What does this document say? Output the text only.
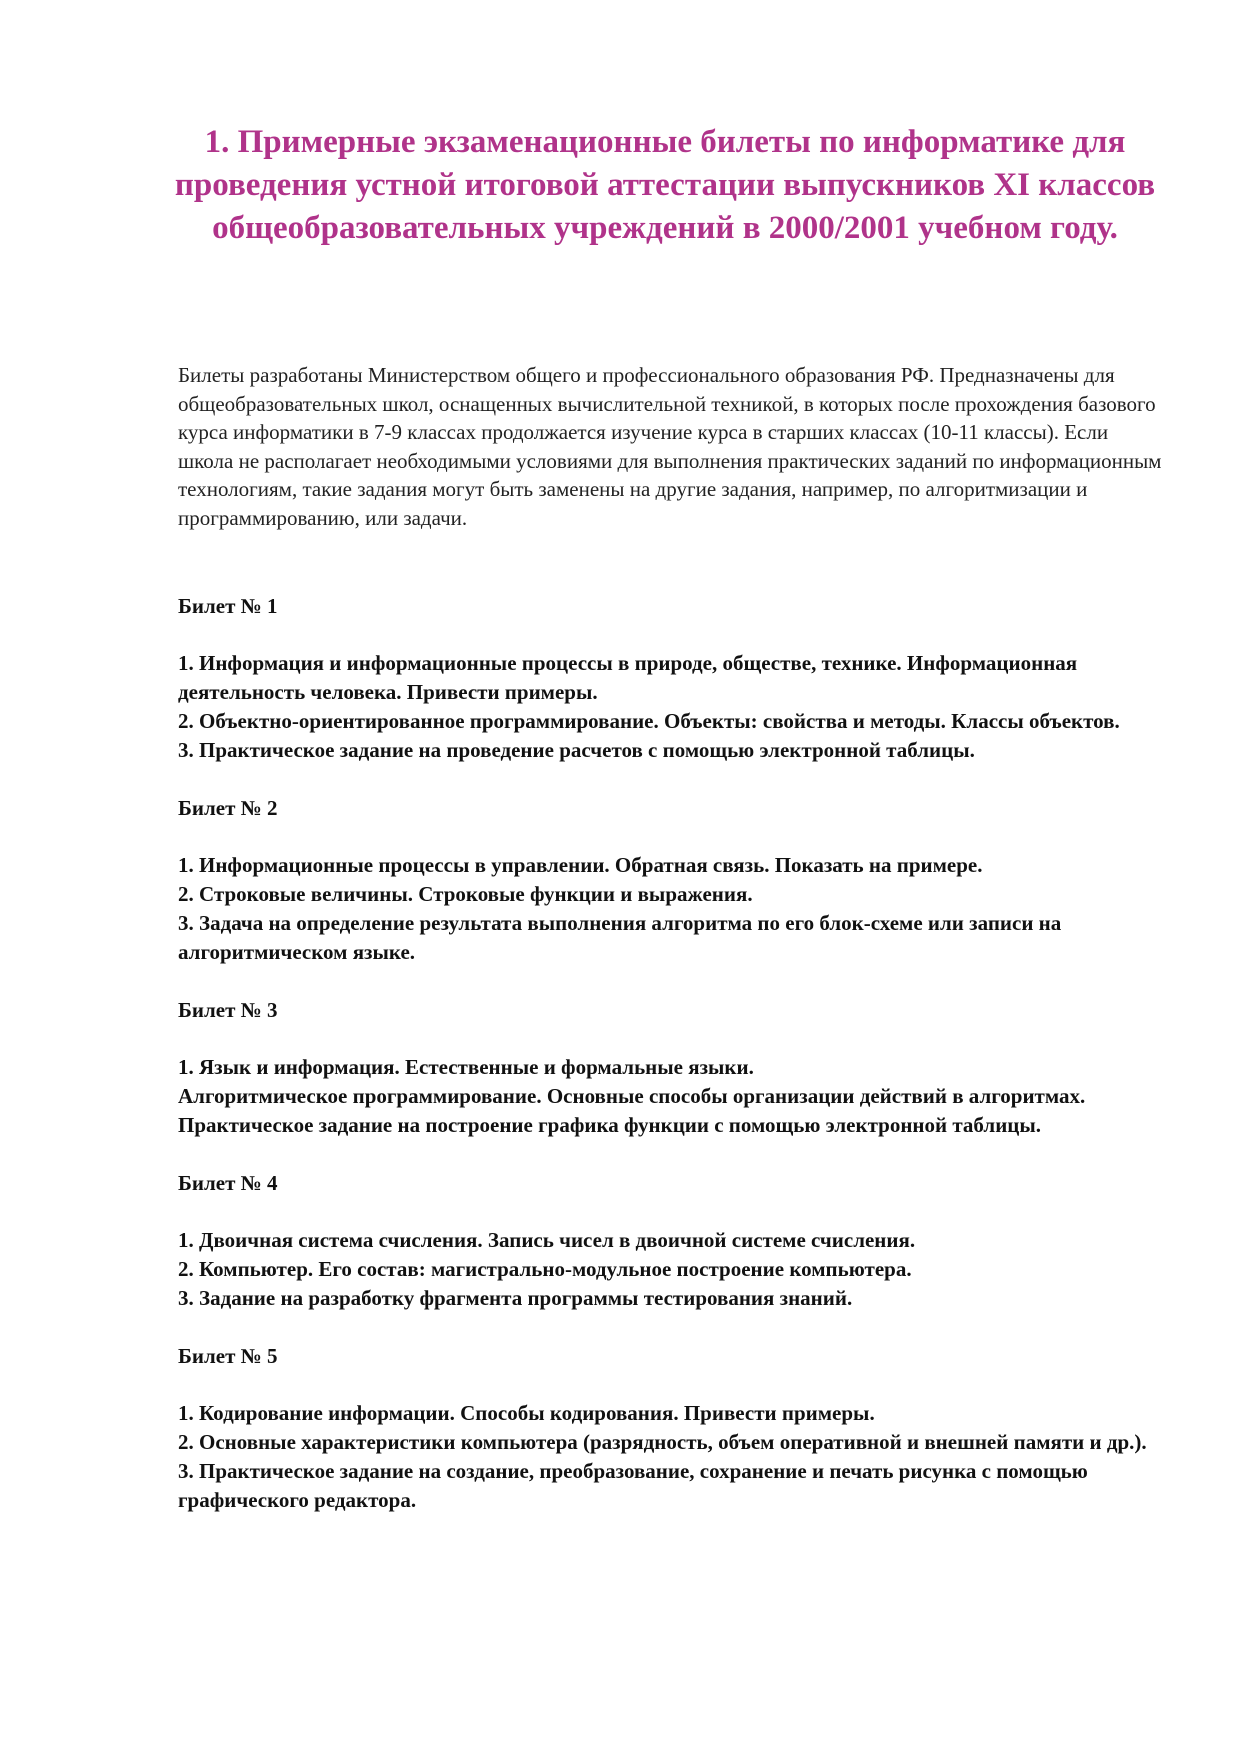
1. Примерные экзаменационные билеты по информатике для проведения устной итоговой аттестации выпускников XI классов общеобразовательных учреждений в 2000/2001 учебном году.

Билеты разработаны Министерством общего и профессионального образования РФ. Предназначены для общеобразовательных школ, оснащенных вычислительной техникой, в которых после прохождения базового курса информатики в 7-9 классах продолжается изучение курса в старших классах (10-11 классы). Если школа не располагает необходимыми условиями для выполнения практических заданий по информационным технологиям, такие задания могут быть заменены на другие задания, например, по алгоритмизации и программированию, или задачи.

Билет № 1

1. Информация и информационные процессы в природе, обществе, технике. Информационная деятельность человека. Привести примеры.
2. Объектно-ориентированное программирование. Объекты: свойства и методы. Классы объектов.
3. Практическое задание на проведение расчетов с помощью электронной таблицы.

Билет № 2

1. Информационные процессы в управлении. Обратная связь. Показать на примере.
2. Строковые величины. Строковые функции и выражения.
3. Задача на определение результата выполнения алгоритма по его блок-схеме или записи на алгоритмическом языке.

Билет № 3

1. Язык и информация. Естественные и формальные языки.
Алгоритмическое программирование. Основные способы организации действий в алгоритмах.
Практическое задание на построение графика функции с помощью электронной таблицы.

Билет № 4

1. Двоичная система счисления. Запись чисел в двоичной системе счисления.
2. Компьютер. Его состав: магистрально-модульное построение компьютера.
3. Задание на разработку фрагмента программы тестирования знаний.

Билет № 5

1. Кодирование информации. Способы кодирования. Привести примеры.
2. Основные характеристики компьютера (разрядность, объем оперативной и внешней памяти и др.).
3. Практическое задание на создание, преобразование, сохранение и печать рисунка с помощью графического редактора.
